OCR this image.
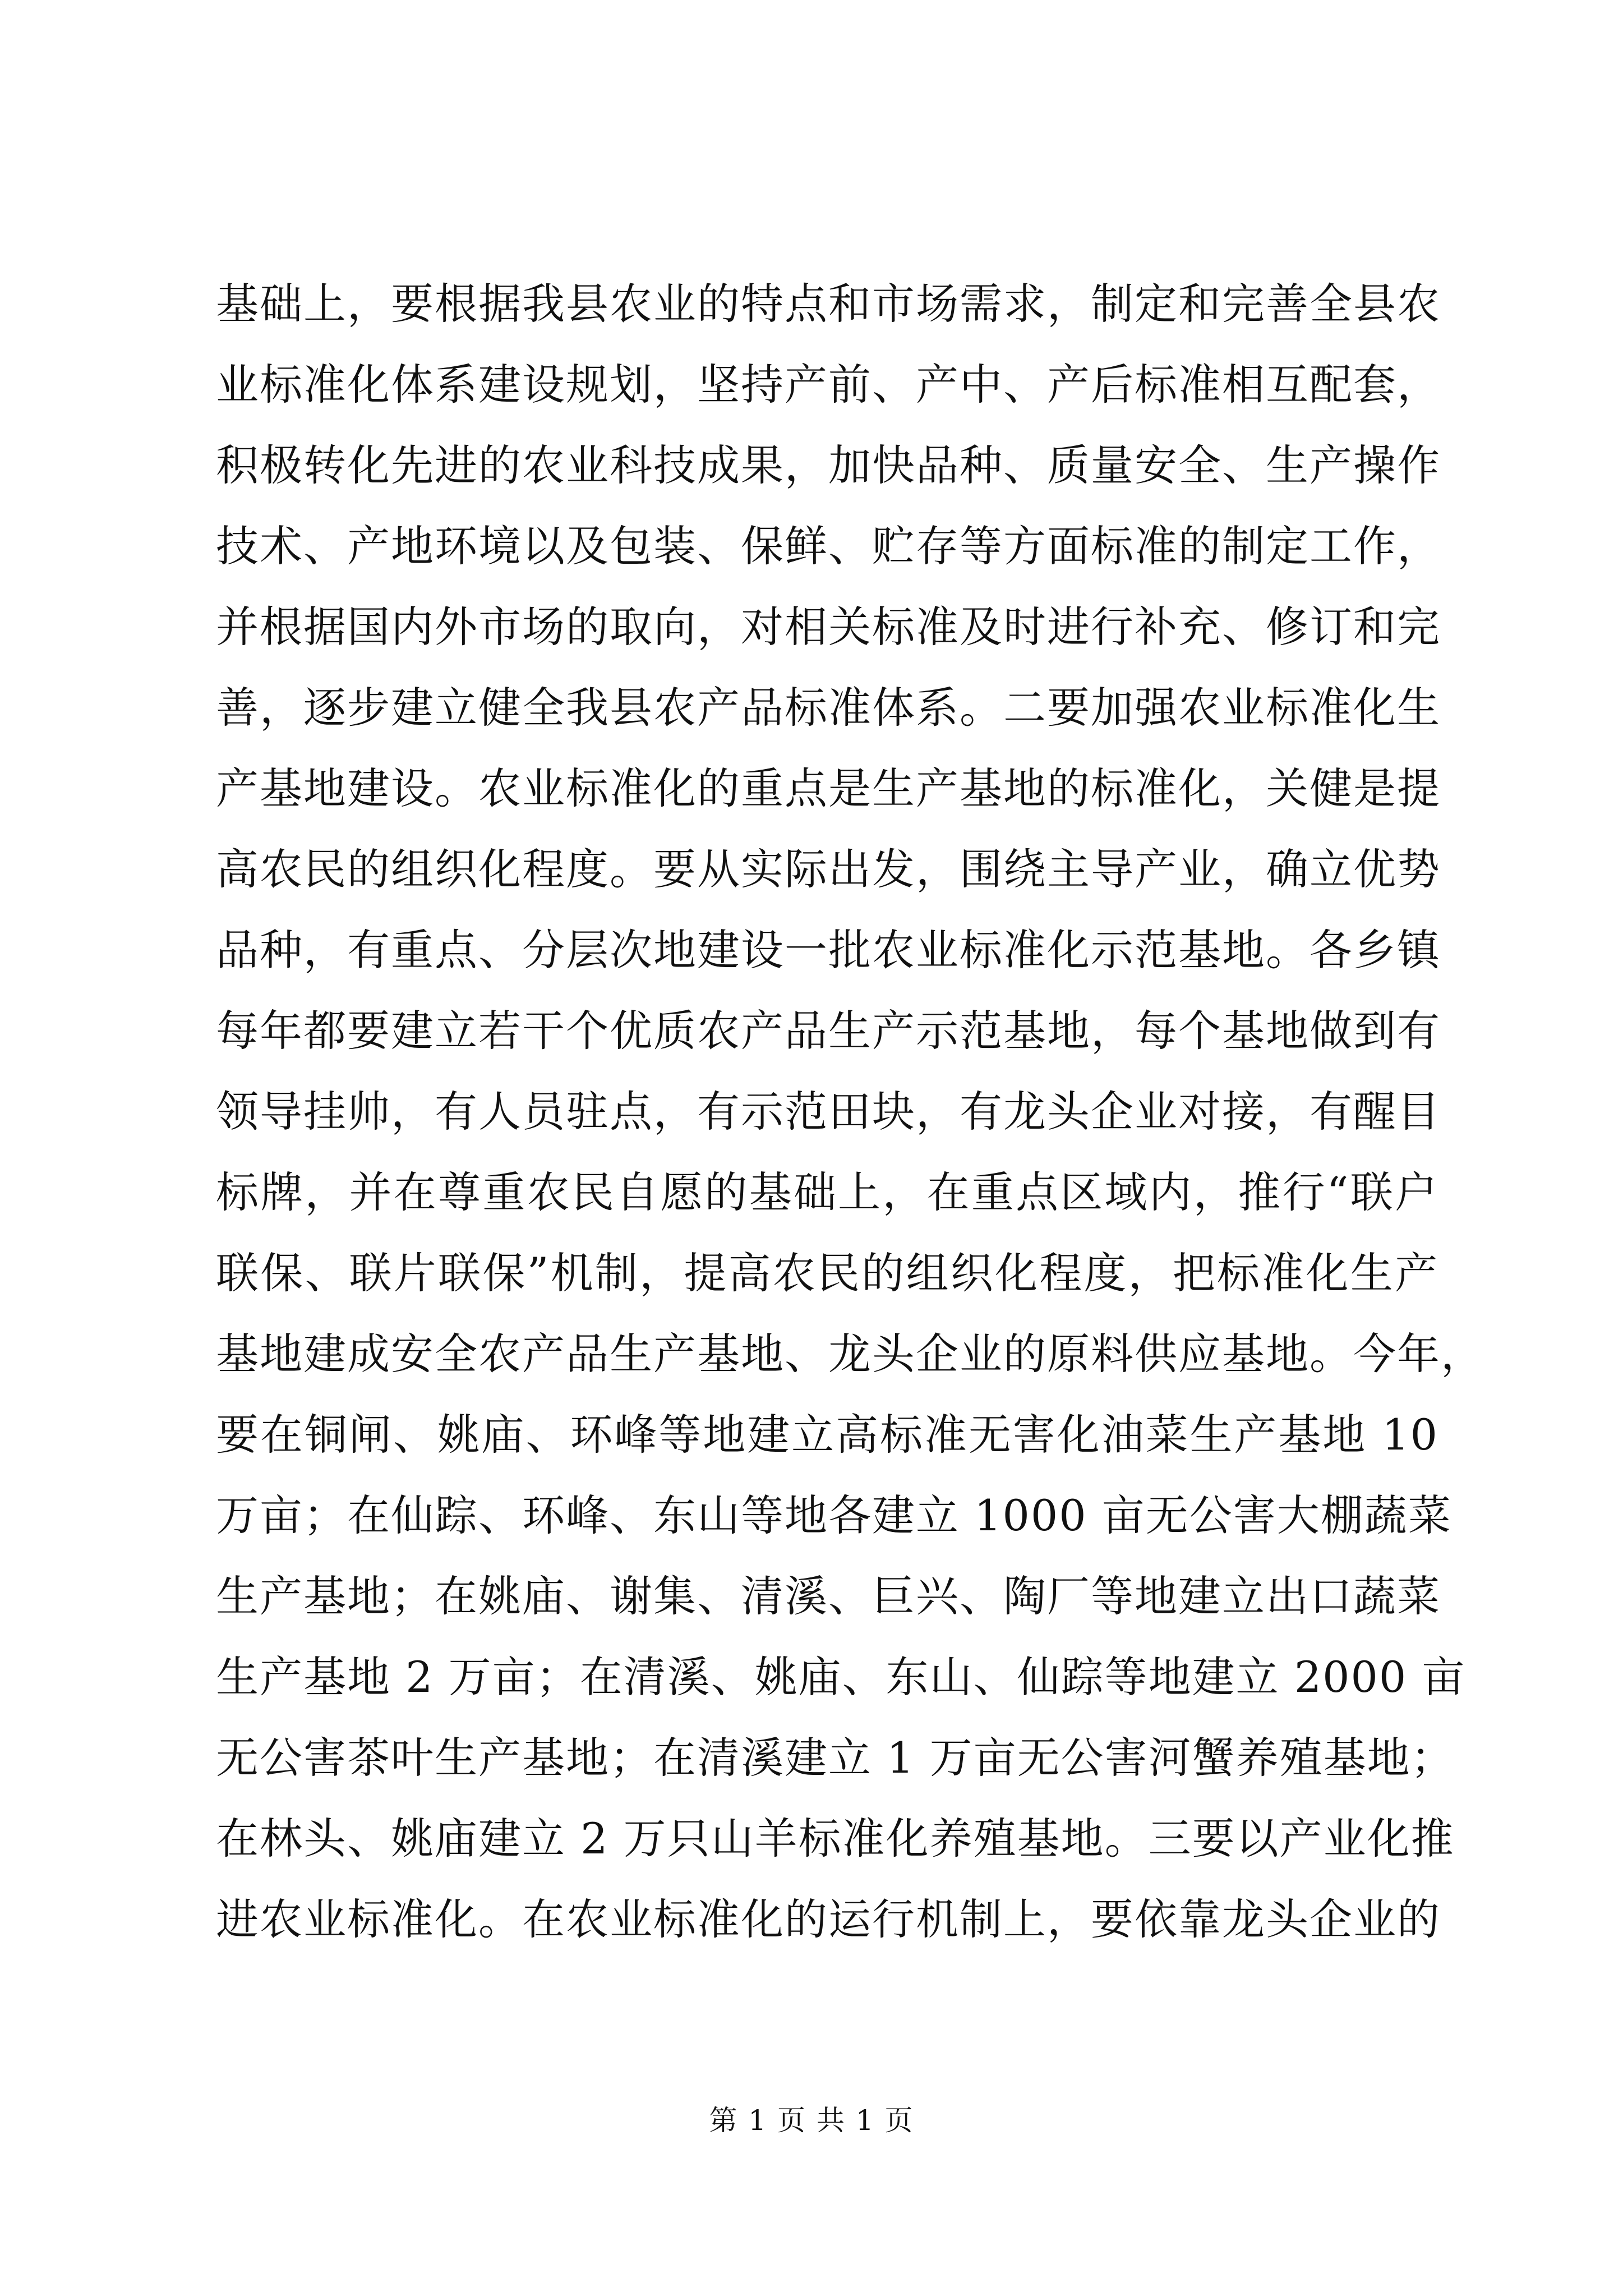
基础上，要根据我县农业的特点和市场需求，制定和完善全县农
业标准化体系建设规划，坚持产前、产中、产后标准相互配套，
积极转化先进的农业科技成果，加快品种、质量安全、生产操作
技术、产地环境以及包装、保鲜、贮存等方面标准的制定工作，
并根据国内外市场的取向，对相关标准及时进行补充、修订和完
善，逐步建立健全我县农产品标准体系。二要加强农业标准化生
产基地建设。农业标准化的重点是生产基地的标准化，关健是提
高农民的组织化程度。要从实际出发，围绕主导产业，确立优势
品种，有重点、分层次地建设一批农业标准化示范基地。各乡镇
每年都要建立若干个优质农产品生产示范基地，每个基地做到有
领导挂帅，有人员驻点，有示范田块，有龙头企业对接，有醒目
标牌，并在尊重农民自愿的基础上，在重点区域内，推行“联户
联保、联片联保”机制，提高农民的组织化程度，把标准化生产
基地建成安全农产品生产基地、龙头企业的原料供应基地。今年，
要在铜闸、姚庙、环峰等地建立高标准无害化油菜生产基地 10
万亩；在仙踪、环峰、东山等地各建立 1000 亩无公害大棚蔬菜
生产基地；在姚庙、谢集、清溪、巨兴、陶厂等地建立出口蔬菜
生产基地 2 万亩；在清溪、姚庙、东山、仙踪等地建立 2000 亩
无公害茶叶生产基地；在清溪建立 1 万亩无公害河蟹养殖基地；
在林头、姚庙建立 2 万只山羊标准化养殖基地。三要以产业化推
进农业标准化。在农业标准化的运行机制上，要依靠龙头企业的
第 1 页 共 1 页
